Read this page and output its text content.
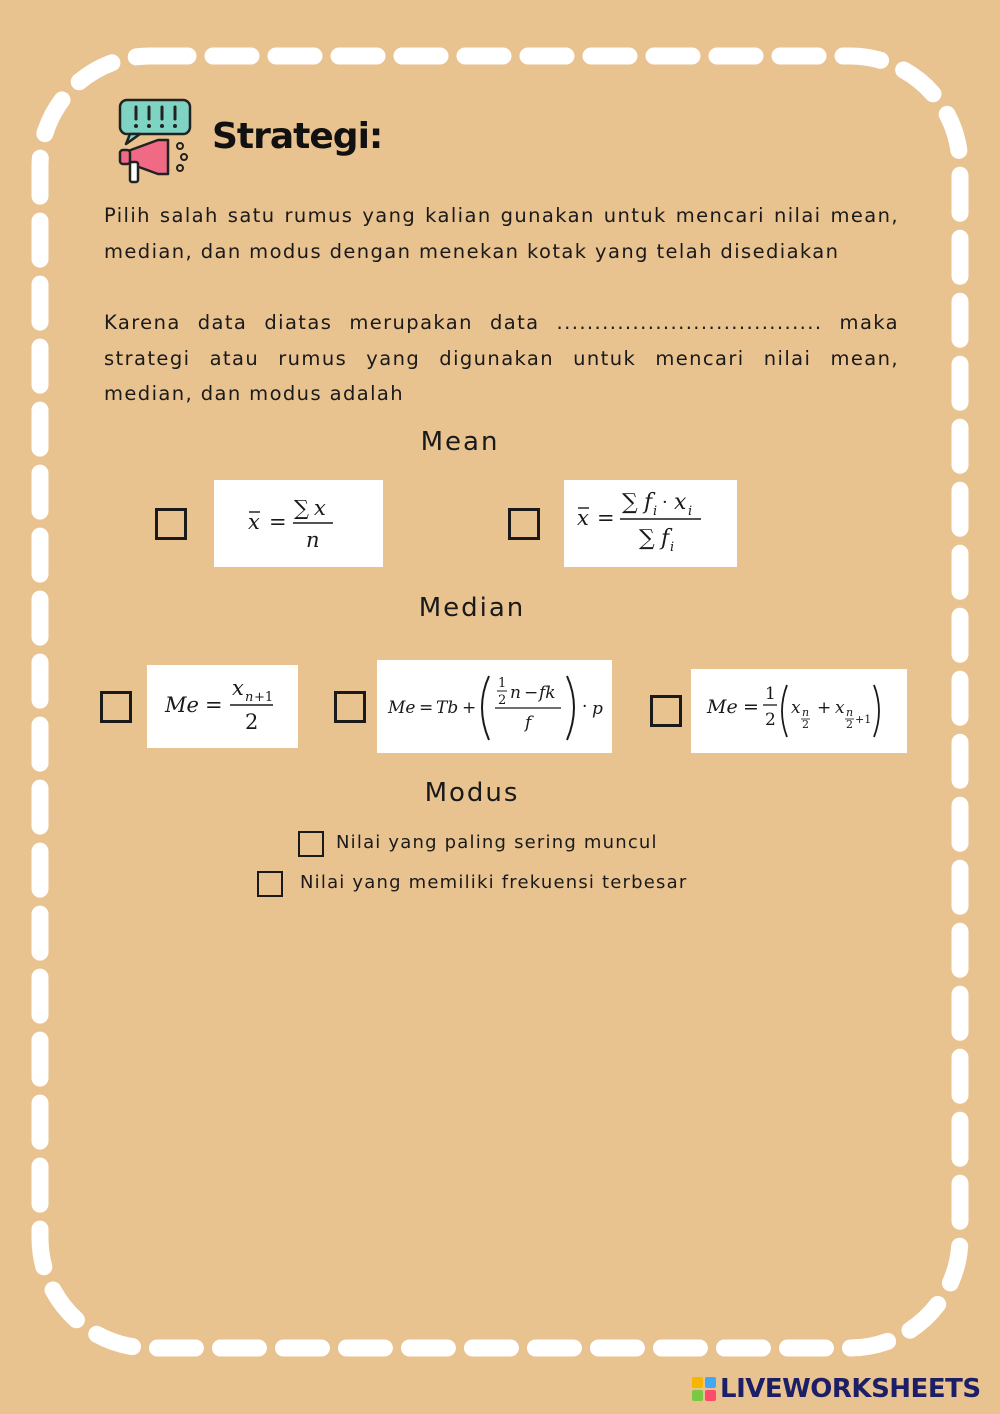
Strategi:

Pilih salah satu rumus yang kalian gunakan untuk mencari nilai mean, median, dan modus dengan menekan kotak yang telah disediakan

Karena data diatas merupakan data ................................... maka strategi atau rumus yang digunakan untuk mencari nilai mean, median, dan modus adalah

Mean
x =
∑ x
n
x =
∑ f i · x i
∑ f i
Median
Me =
x n +1
2
Me = Tb +
1
2 n − fk
f
· p	Me =
1
2
x n
2
+ x n
2 +1
Modus
Nilai yang paling sering muncul
Nilai yang memiliki frekuensi terbesar
LIVEWORKSHEETS
